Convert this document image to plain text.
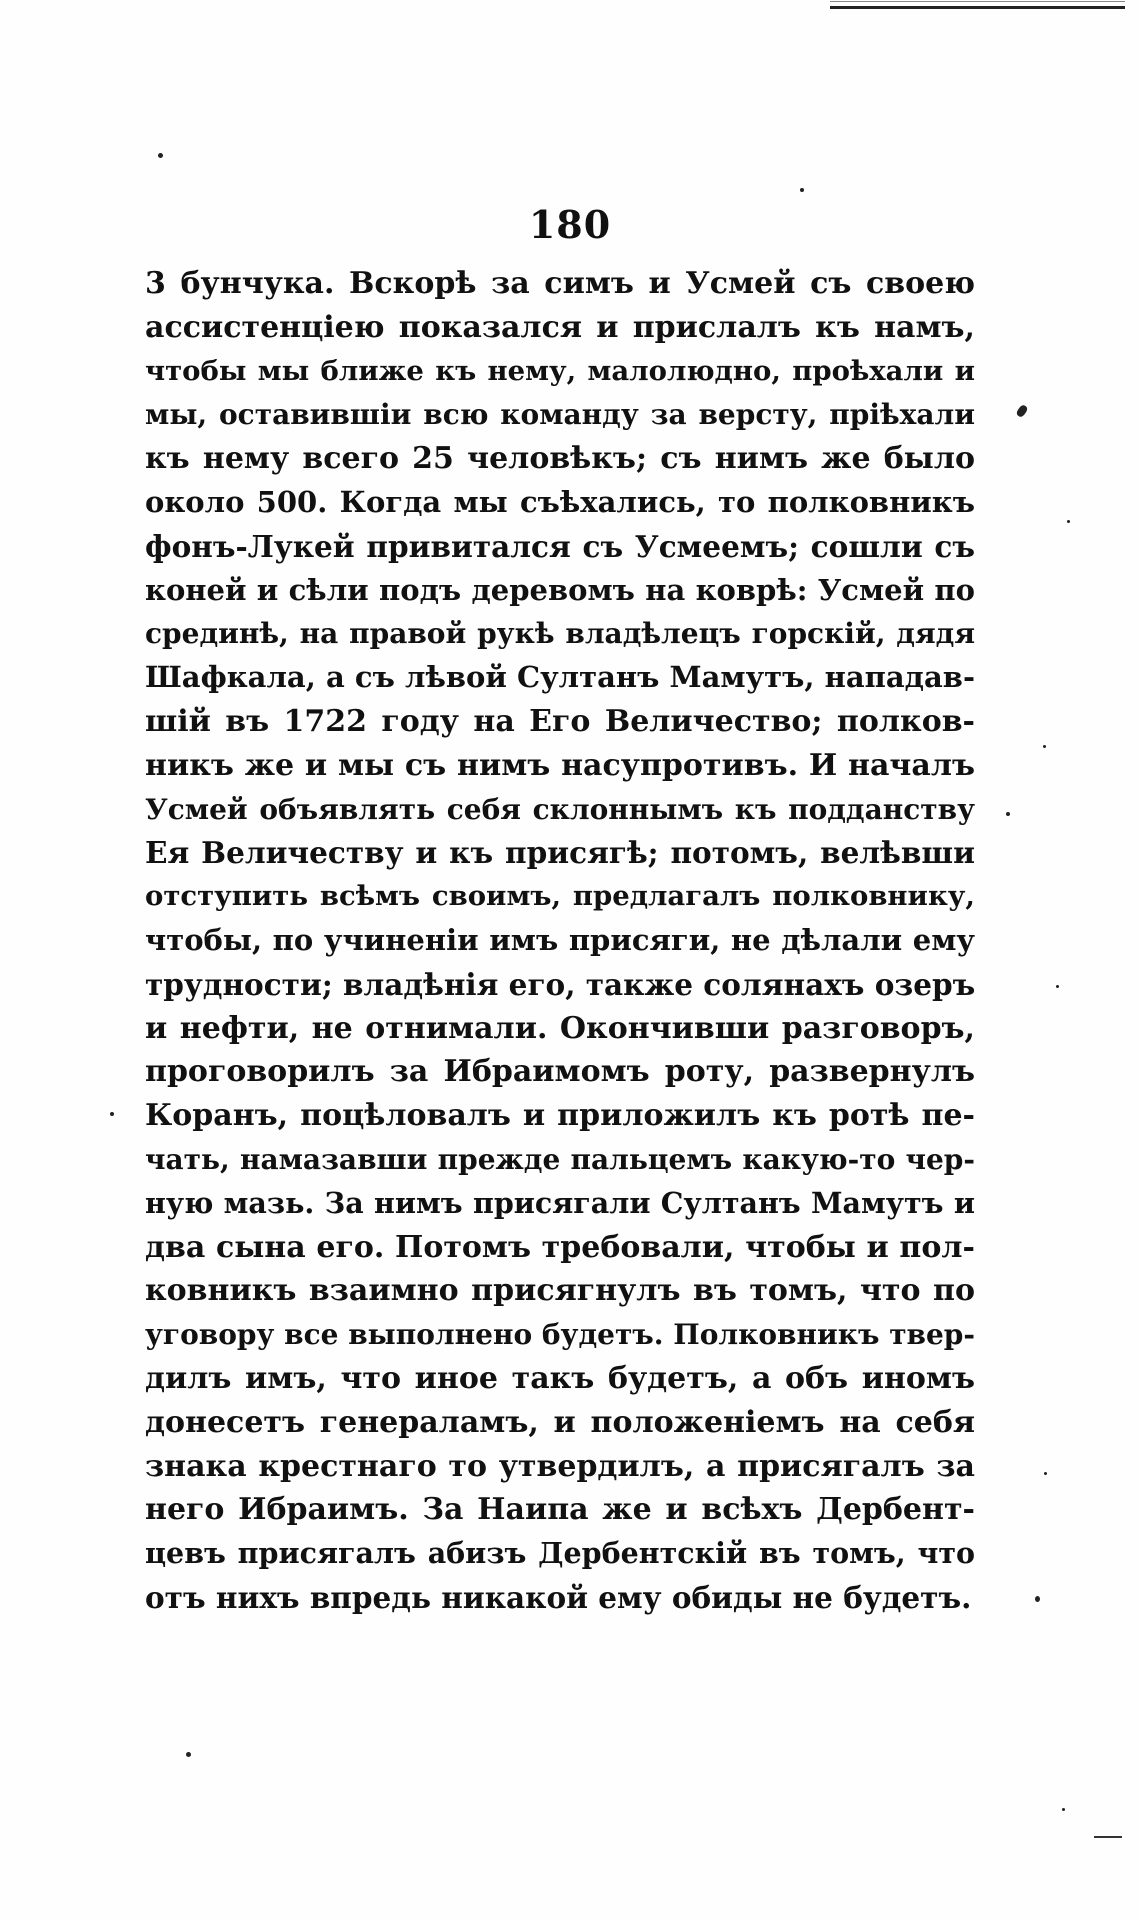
180
3 бунчука. Вскорѣ за симъ и Усмей съ своею
ассистенціею показался и прислалъ къ намъ,
чтобы мы ближе къ нему, малолюдно, проѣхали и
мы, оставившіи всю команду за версту, пріѣхали
къ нему всего 25 человѣкъ; съ нимъ же было
около 500. Когда мы съѣхались, то полковникъ
фонъ-Лукей привитался съ Усмеемъ; сошли съ
коней и сѣли подъ деревомъ на коврѣ: Усмей по
срединѣ, на правой рукѣ владѣлецъ горскій, дядя
Шафкала, а съ лѣвой Султанъ Мамутъ, нападав-
шій въ 1722 году на Его Величество; полков-
никъ же и мы съ нимъ насупротивъ. И началъ
Усмей объявлять себя склоннымъ къ подданству
Ея Величеству и къ присягѣ; потомъ, велѣвши
отступить всѣмъ своимъ, предлагалъ полковнику,
чтобы, по учиненіи имъ присяги, не дѣлали ему
трудности; владѣнія его, также солянахъ озеръ
и нефти, не отнимали. Окончивши разговоръ,
проговорилъ за Ибраимомъ роту, развернулъ
Коранъ, поцѣловалъ и приложилъ къ ротѣ пе-
чать, намазавши прежде пальцемъ какую-то чер-
ную мазь. За нимъ присягали Султанъ Мамутъ и
два сына его. Потомъ требовали, чтобы и пол-
ковникъ взаимно присягнулъ въ томъ, что по
уговору все выполнено будетъ. Полковникъ твер-
дилъ имъ, что иное такъ будетъ, а объ иномъ
донесетъ генераламъ, и положеніемъ на себя
знака крестнаго то утвердилъ, а присягалъ за
него Ибраимъ. За Наипа же и всѣхъ Дербент-
цевъ присягалъ абизъ Дербентскій въ томъ, что
отъ нихъ впредь никакой ему обиды не будетъ.
